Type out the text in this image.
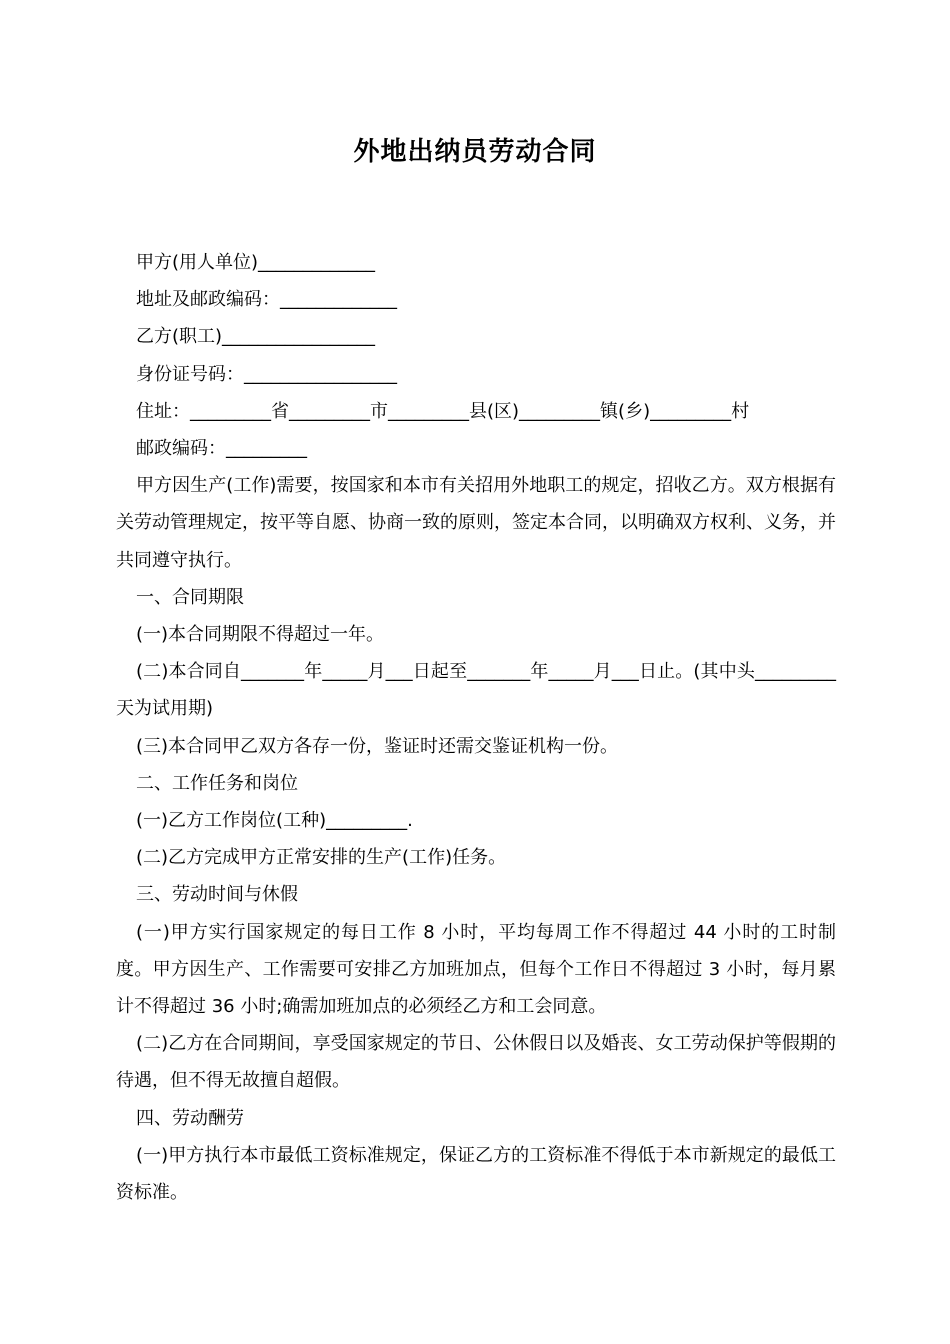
外地出纳员劳动合同

甲方(用人单位)_____________

地址及邮政编码：_____________

乙方(职工)_________________

身份证号码：_________________

住址：_________省_________市_________县(区)_________镇(乡)_________村

邮政编码：_________

甲方因生产(工作)需要，按国家和本市有关招用外地职工的规定，招收乙方。双方根据有关劳动管理规定，按平等自愿、协商一致的原则，签定本合同，以明确双方权利、义务，并共同遵守执行。

一、合同期限

(一)本合同期限不得超过一年。

(二)本合同自_______年_____月___日起至_______年_____月___日止。(其中头_________天为试用期)

(三)本合同甲乙双方各存一份，鉴证时还需交鉴证机构一份。

二、工作任务和岗位

(一)乙方工作岗位(工种)_________.

(二)乙方完成甲方正常安排的生产(工作)任务。

三、劳动时间与休假

(一)甲方实行国家规定的每日工作 8 小时，平均每周工作不得超过 44 小时的工时制度。甲方因生产、工作需要可安排乙方加班加点，但每个工作日不得超过 3 小时，每月累计不得超过 36 小时;确需加班加点的必须经乙方和工会同意。

(二)乙方在合同期间，享受国家规定的节日、公休假日以及婚丧、女工劳动保护等假期的待遇，但不得无故擅自超假。

四、劳动酬劳

(一)甲方执行本市最低工资标准规定，保证乙方的工资标准不得低于本市新规定的最低工资标准。
